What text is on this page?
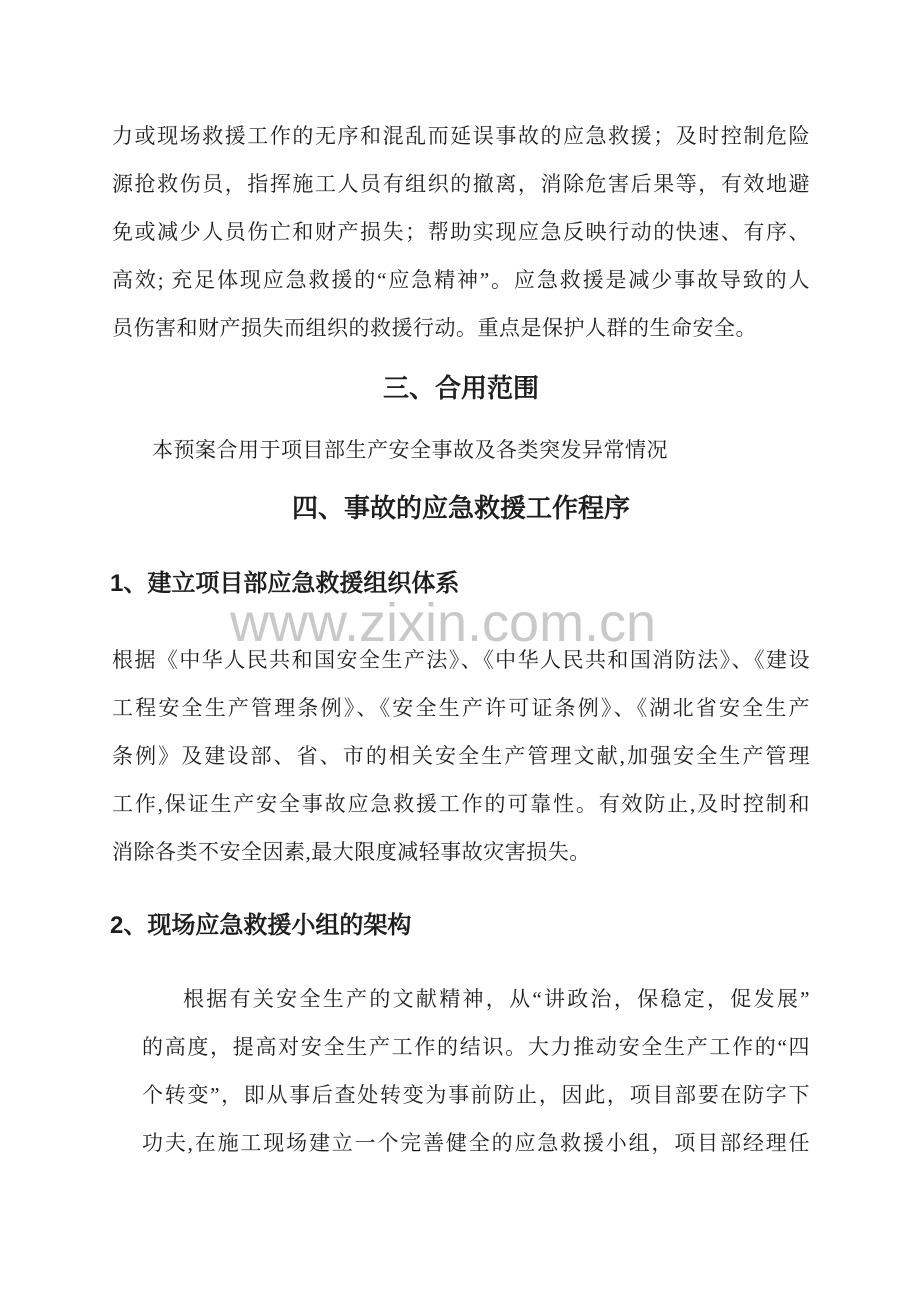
www.zixin.com.cn
力或现场救援工作的无序和混乱而延误事故的应急救援；及时控制危险
源抢救伤员，指挥施工人员有组织的撤离，消除危害后果等，有效地避
免或减少人员伤亡和财产损失；帮助实现应急反映行动的快速、有序、
高效; 充足体现应急救援的“应急精神”。应急救援是减少事故导致的人
员伤害和财产损失而组织的救援行动。重点是保护人群的生命安全。
三、合用范围
本预案合用于项目部生产安全事故及各类突发异常情况
四、事故的应急救援工作程序
1、建立项目部应急救援组织体系
根据《中华人民共和国安全生产法》、《中华人民共和国消防法》、《建设
工程安全生产管理条例》、《安全生产许可证条例》、《湖北省安全生产
条例》及建设部、省、市的相关安全生产管理文献,加强安全生产管理
工作,保证生产安全事故应急救援工作的可靠性。有效防止,及时控制和
消除各类不安全因素,最大限度减轻事故灾害损失。
2、现场应急救援小组的架构
根据有关安全生产的文献精神，从“讲政治，保稳定，促发展”
的高度，提高对安全生产工作的结识。大力推动安全生产工作的“四
个转变”，即从事后查处转变为事前防止，因此，项目部要在防字下
功夫,在施工现场建立一个完善健全的应急救援小组，项目部经理任
